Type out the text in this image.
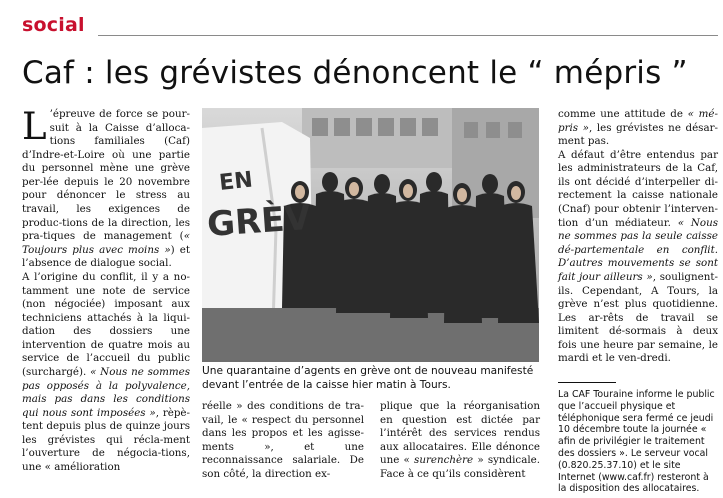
social
Caf : les grévistes dénoncent le “ mépris ”

L ’épreuve de force se pour-suit à la Caisse d’alloca-tions familiales (Caf) d’Indre-et-Loire où une partie du personnel mène une grève per-lée depuis le 20 novembre pour dénoncer le stress au travail, les exigences de produc-tions de la direction, les pra-tiques de management (« Toujours plus avec moins ») et l’absence de dialogue social.

A l’origine du conflit, il y a no-tamment une note de service (non négociée) imposant aux techniciens attachés à la liqui-dation des dossiers une intervention de quatre mois au service de l’accueil du public (surchargé). « Nous ne sommes pas opposés à la polyvalence, mais pas dans les conditions qui nous sont imposées », rèpè-tent depuis plus de quinze jours les grévistes qui récla-ment l’ouverture de négocia-tions, une « amélioration

EN
GRÈV
Une quarantaine d’agents en grève ont de nouveau manifesté devant l’entrée de la caisse hier matin à Tours.

réelle » des conditions de tra-vail, le « respect du personnel dans les propos et les agisse-ments », et une reconnaissance salariale. De son côté, la direction ex-

plique que la réorganisation en question est dictée par l’intérêt des services rendus aux allocataires. Elle dénonce une « surenchère » syndicale. Face à ce qu’ils considèrent

comme une attitude de « mé-pris », les grévistes ne désar-ment pas.

A défaut d’être entendus par les administrateurs de la Caf, ils ont décidé d’interpeller di-rectement la caisse nationale (Cnaf) pour obtenir l’interven-tion d’un médiateur. « Nous ne sommes pas la seule caisse dé-partementale en conflit. D’autres mouvements se sont fait jour ailleurs », soulignent-ils. Cependant, A Tours, la grève n’est plus quotidienne. Les ar-rêts de travail se limitent dé-sormais à deux fois une heure par semaine, le mardi et le ven-dredi.

La CAF Touraine informe le public que l’accueil physique et téléphonique sera fermé ce jeudi 10 décembre toute la journée « afin de privilégier le traitement des dossiers ». Le serveur vocal (0.820.25.37.10) et le site Internet (www.caf.fr) resteront à la disposition des allocataires.
